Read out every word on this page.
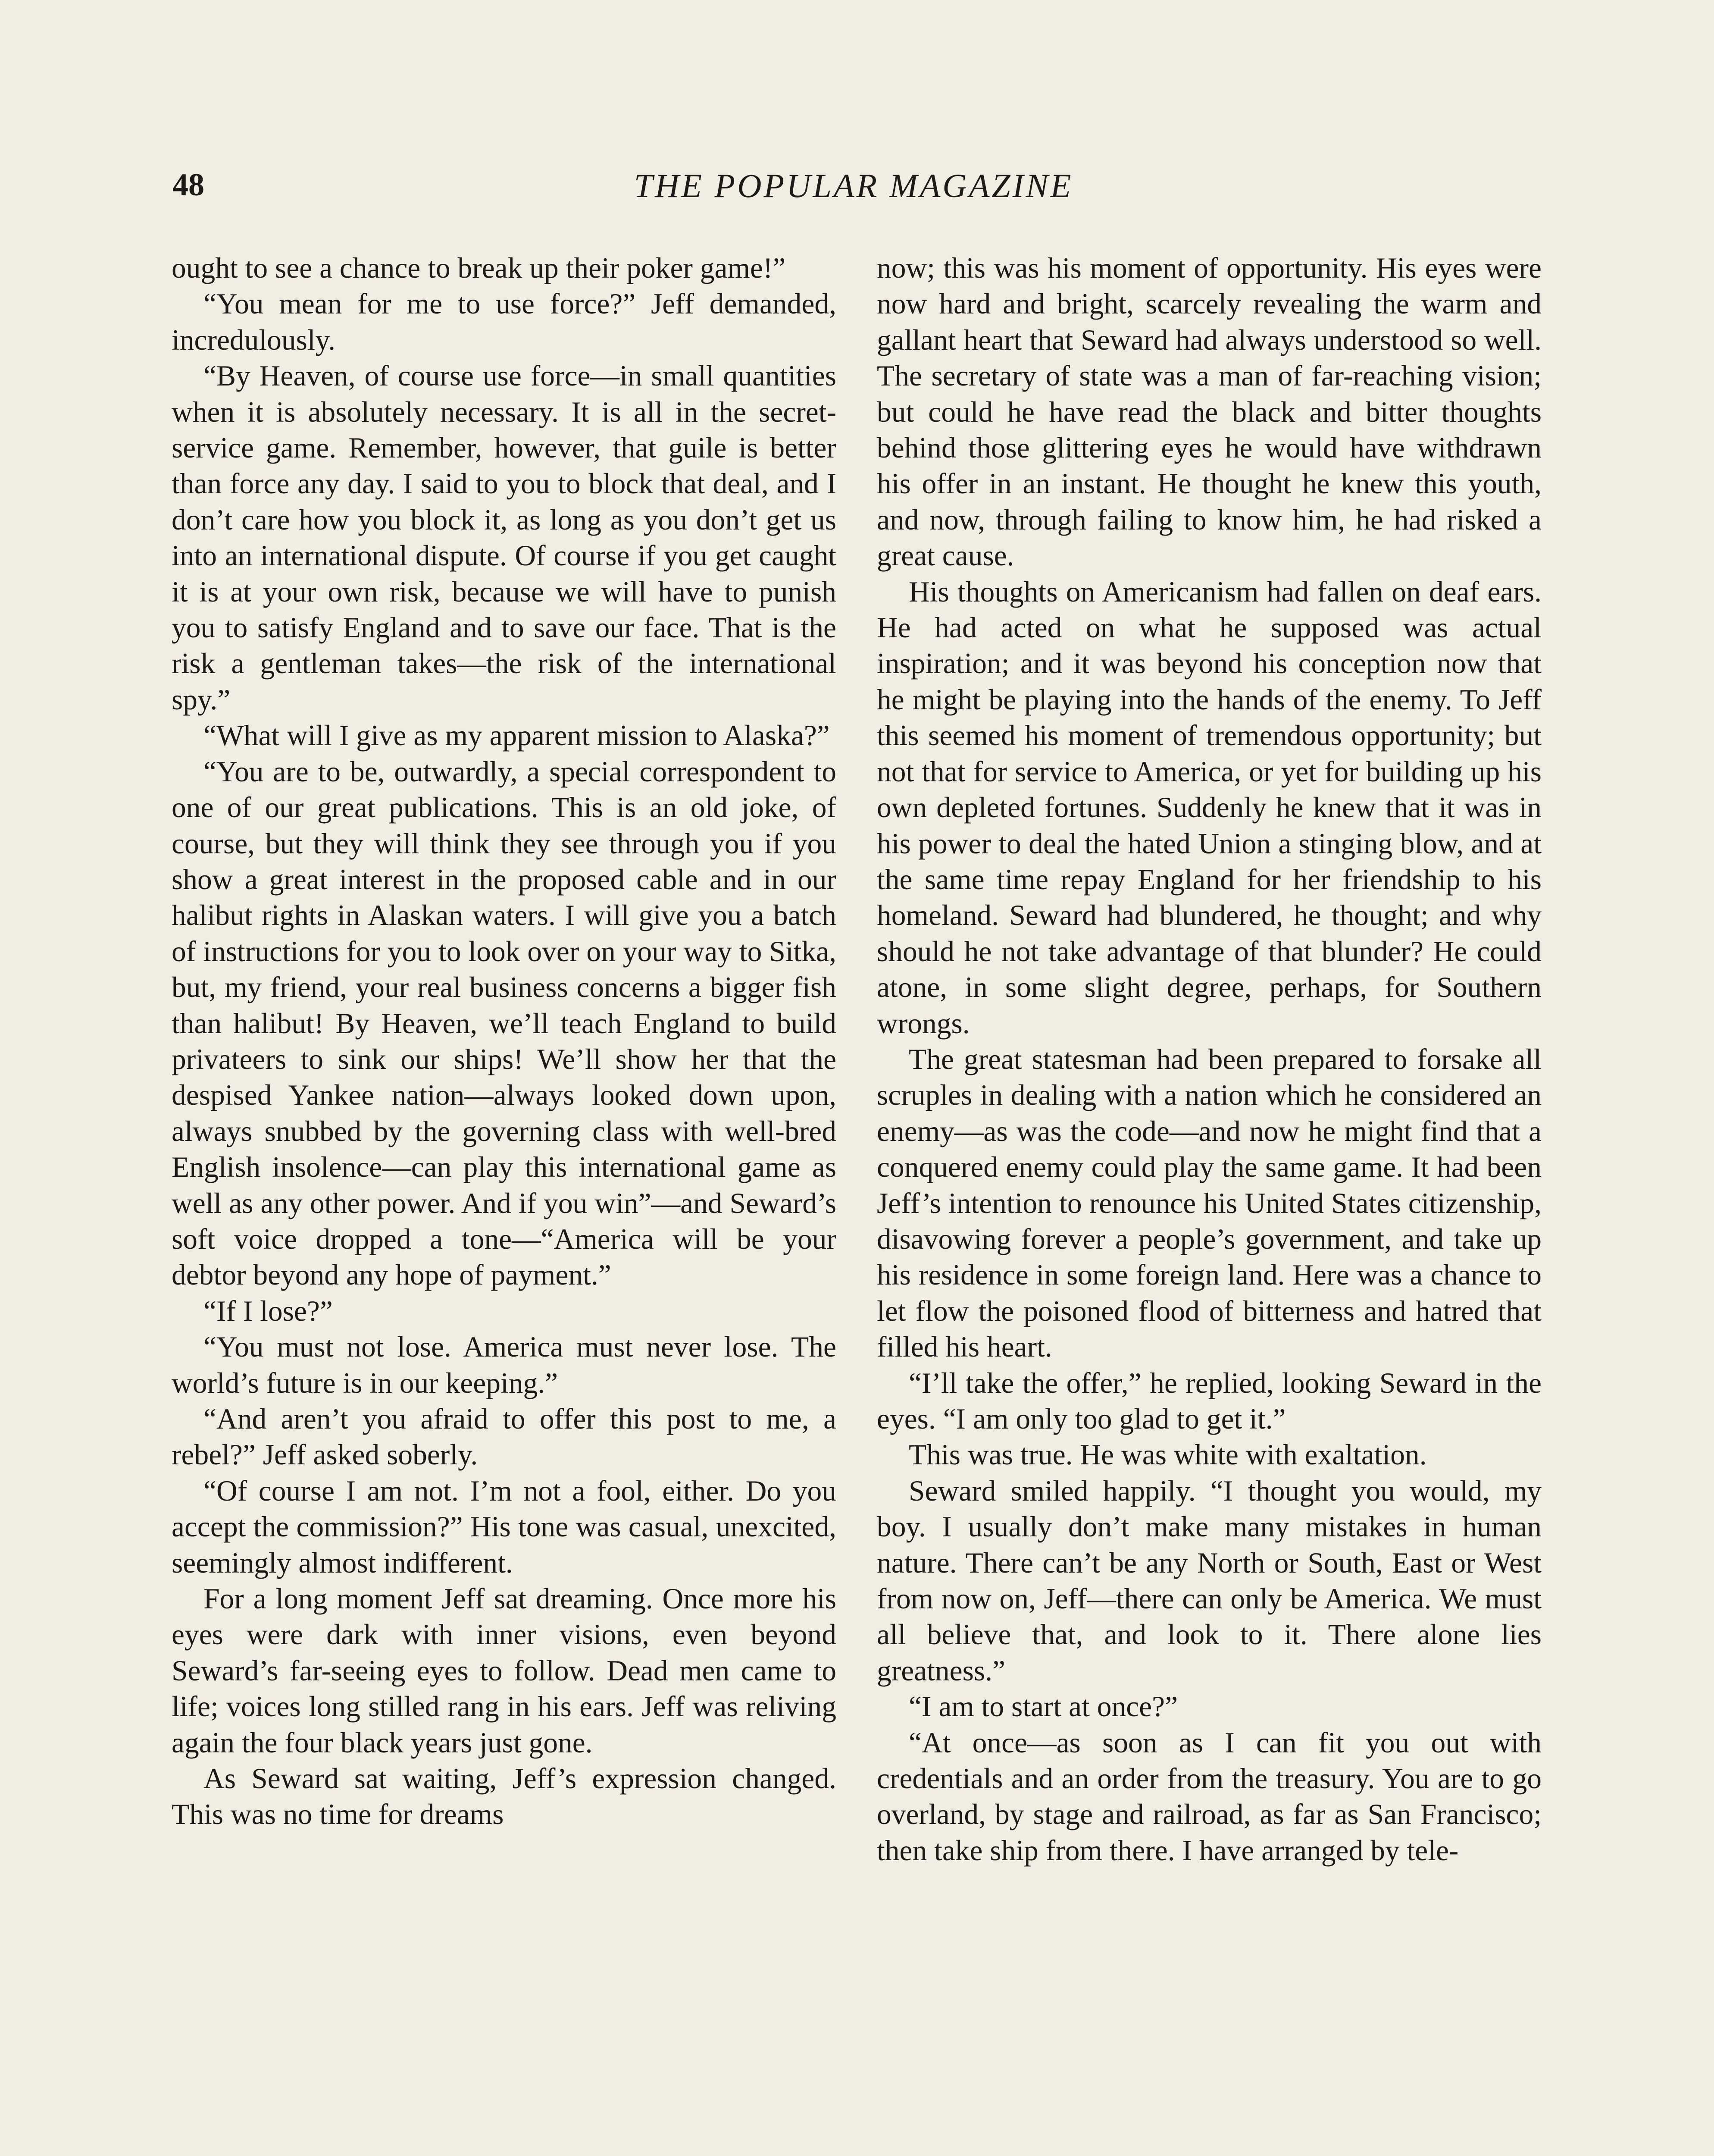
48	THE POPULAR MAGAZINE

ought to see a chance to break up their poker game!”

“You mean for me to use force?” Jeff demanded, incredulously.

“By Heaven, of course use force—in small quantities when it is absolutely necessary. It is all in the secret-service game. Remember, however, that guile is better than force any day. I said to you to block that deal, and I don’t care how you block it, as long as you don’t get us into an international dispute. Of course if you get caught it is at your own risk, because we will have to punish you to satisfy England and to save our face. That is the risk a gentleman takes—the risk of the international spy.”

“What will I give as my apparent mission to Alaska?”

“You are to be, outwardly, a special correspondent to one of our great publications. This is an old joke, of course, but they will think they see through you if you show a great interest in the proposed cable and in our halibut rights in Alaskan waters. I will give you a batch of instructions for you to look over on your way to Sitka, but, my friend, your real business concerns a bigger fish than halibut! By Heaven, we’ll teach England to build privateers to sink our ships! We’ll show her that the despised Yankee nation—always looked down upon, always snubbed by the governing class with well-bred English insolence—can play this international game as well as any other power. And if you win”—and Seward’s soft voice dropped a tone—“America will be your debtor beyond any hope of payment.”

“If I lose?”

“You must not lose. America must never lose. The world’s future is in our keeping.”

“And aren’t you afraid to offer this post to me, a rebel?” Jeff asked soberly.

“Of course I am not. I’m not a fool, either. Do you accept the commission?” His tone was casual, unexcited, seemingly almost indifferent.

For a long moment Jeff sat dreaming. Once more his eyes were dark with inner visions, even beyond Seward’s far-seeing eyes to follow. Dead men came to life; voices long stilled rang in his ears. Jeff was reliving again the four black years just gone.

As Seward sat waiting, Jeff’s expression changed. This was no time for dreams

now; this was his moment of opportunity. His eyes were now hard and bright, scarcely revealing the warm and gallant heart that Seward had always understood so well. The secretary of state was a man of far-reaching vision; but could he have read the black and bitter thoughts behind those glittering eyes he would have withdrawn his offer in an instant. He thought he knew this youth, and now, through failing to know him, he had risked a great cause.

His thoughts on Americanism had fallen on deaf ears. He had acted on what he supposed was actual inspiration; and it was beyond his conception now that he might be playing into the hands of the enemy. To Jeff this seemed his moment of tremendous opportunity; but not that for service to America, or yet for building up his own depleted fortunes. Suddenly he knew that it was in his power to deal the hated Union a stinging blow, and at the same time repay England for her friendship to his homeland. Seward had blundered, he thought; and why should he not take advantage of that blunder? He could atone, in some slight degree, perhaps, for Southern wrongs.

The great statesman had been prepared to forsake all scruples in dealing with a nation which he considered an enemy—as was the code—and now he might find that a conquered enemy could play the same game. It had been Jeff’s intention to renounce his United States citizenship, disavowing forever a people’s government, and take up his residence in some foreign land. Here was a chance to let flow the poisoned flood of bitterness and hatred that filled his heart.

“I’ll take the offer,” he replied, looking Seward in the eyes. “I am only too glad to get it.”

This was true. He was white with exaltation.

Seward smiled happily. “I thought you would, my boy. I usually don’t make many mistakes in human nature. There can’t be any North or South, East or West from now on, Jeff—there can only be America. We must all believe that, and look to it. There alone lies greatness.”

“I am to start at once?”

“At once—as soon as I can fit you out with credentials and an order from the treasury. You are to go overland, by stage and railroad, as far as San Francisco; then take ship from there. I have arranged by tele-
